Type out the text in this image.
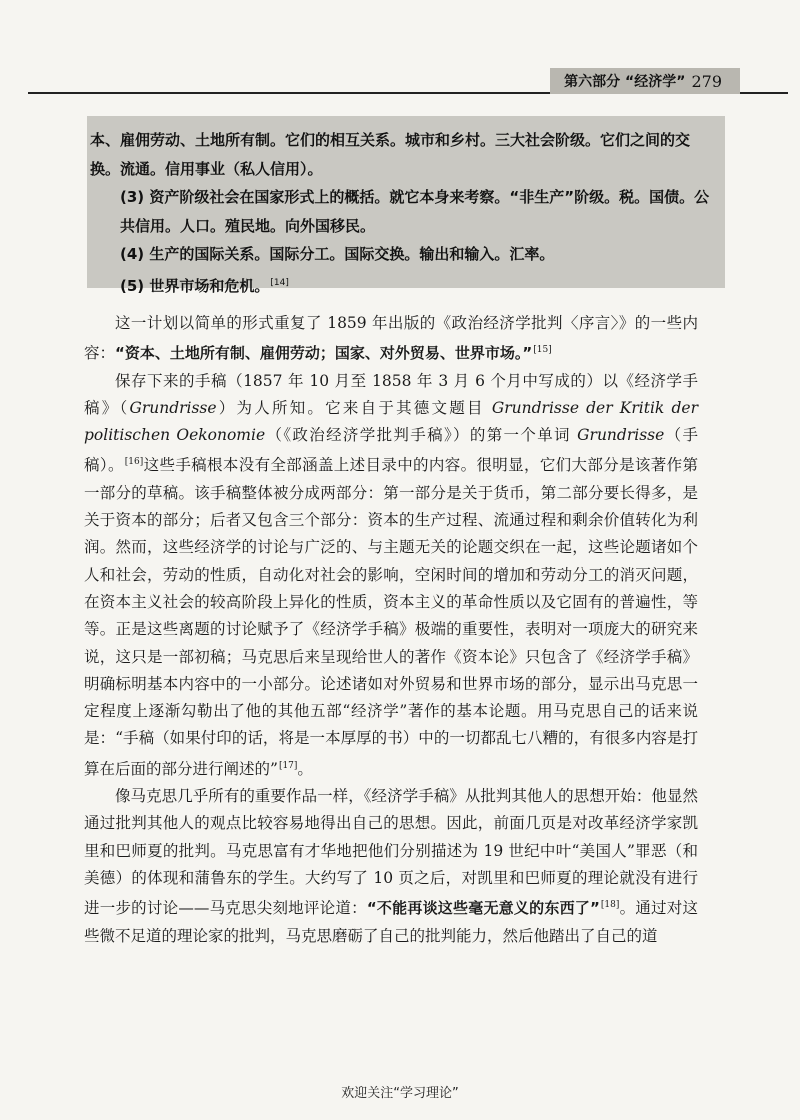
第六部分 “经济学” 279

本、雇佣劳动、土地所有制。它们的相互关系。城市和乡村。三大社会阶级。它们之间的交换。流通。信用事业（私人信用）。

(3) 资产阶级社会在国家形式上的概括。就它本身来考察。“非生产”阶级。税。国债。公共信用。人口。殖民地。向外国移民。

(4) 生产的国际关系。国际分工。国际交换。输出和输入。汇率。

(5) 世界市场和危机。[14]

这一计划以简单的形式重复了 1859 年出版的《政治经济学批判〈序言〉》的一些内容：“资本、土地所有制、雇佣劳动；国家、对外贸易、世界市场。”[15]

保存下来的手稿（1857 年 10 月至 1858 年 3 月 6 个月中写成的）以《经济学手稿》（Grundrisse）为人所知。它来自于其德文题目 Grundrisse der Kritik der politischen Oekonomie（《政治经济学批判手稿》）的第一个单词 Grundrisse（手稿）。[16]这些手稿根本没有全部涵盖上述目录中的内容。很明显，它们大部分是该著作第一部分的草稿。该手稿整体被分成两部分：第一部分是关于货币，第二部分要长得多，是关于资本的部分；后者又包含三个部分：资本的生产过程、流通过程和剩余价值转化为利润。然而，这些经济学的讨论与广泛的、与主题无关的论题交织在一起，这些论题诸如个人和社会，劳动的性质，自动化对社会的影响，空闲时间的增加和劳动分工的消灭问题，在资本主义社会的较高阶段上异化的性质，资本主义的革命性质以及它固有的普遍性，等等。正是这些离题的讨论赋予了《经济学手稿》极端的重要性，表明对一项庞大的研究来说，这只是一部初稿；马克思后来呈现给世人的著作《资本论》只包含了《经济学手稿》明确标明基本内容中的一小部分。论述诸如对外贸易和世界市场的部分，显示出马克思一定程度上逐渐勾勒出了他的其他五部“经济学”著作的基本论题。用马克思自己的话来说是：“手稿（如果付印的话，将是一本厚厚的书）中的一切都乱七八糟的，有很多内容是打算在后面的部分进行阐述的”[17]。

像马克思几乎所有的重要作品一样，《经济学手稿》从批判其他人的思想开始：他显然通过批判其他人的观点比较容易地得出自己的思想。因此，前面几页是对改革经济学家凯里和巴师夏的批判。马克思富有才华地把他们分别描述为 19 世纪中叶“美国人”罪恶（和美德）的体现和蒲鲁东的学生。大约写了 10 页之后，对凯里和巴师夏的理论就没有进行进一步的讨论——马克思尖刻地评论道：“不能再谈这些毫无意义的东西了”[18]。通过对这些微不足道的理论家的批判，马克思磨砺了自己的批判能力，然后他踏出了自己的道

欢迎关注“学习理论”
